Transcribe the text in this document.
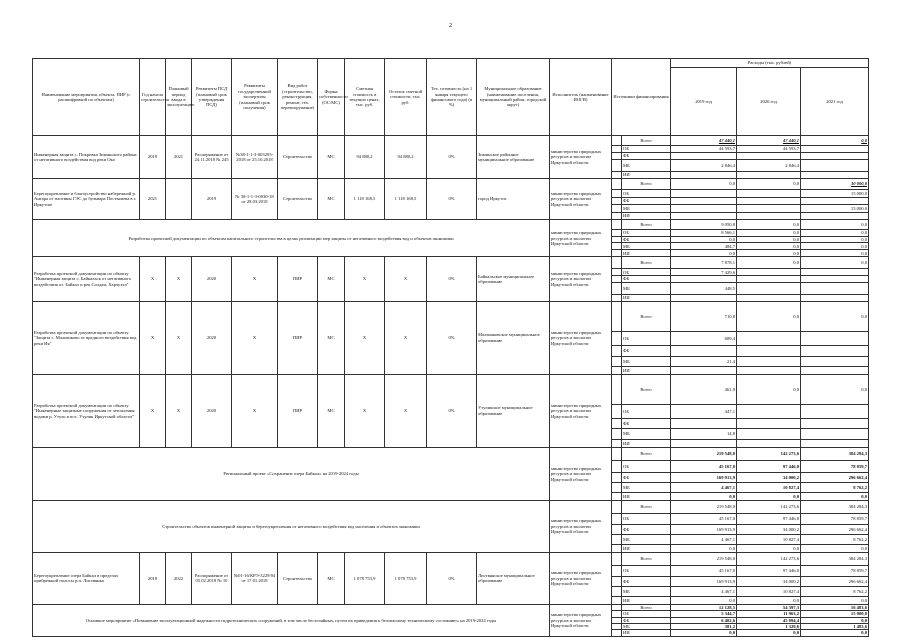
2
Наименование мероприятия, объекта, ПИР (с расшифровкой по объектам)	Год начала строительства	Плановый период ввода в эксплуатацию	Реквизиты ПСД (плановый срок утверждения ПСД)	Реквизиты государственной экспертизы (плановый срок получения)	Вид работ (строительство, реконструкция, ремонт, тех. перевооружение)	Форма собственности (ОС/МС)	Сметная стоимость в текущих ценах, тыс. руб.	Остаток сметной стоимости, тыс. руб.	Тех. готовность (на 1 января текущего финансового года) (в %)	Муниципальное образование (наименование поселения, муниципальный район, городской округ)	Исполнитель (наименование ИОГВ)	Источники финансирования		Расходы (тыс. рублей)		
														2019 год	2020 год	2021 год
Инженерная защита с. Покровка Зиминского района от негативного воздействия вод реки Ока	2019	2021	Распоряжение от 24.11.2018 № 245	№38-1-1-3-003295-2018 от 25.10.2018	Строительство	МС	94 880,2	94 880,2	0%	Зиминское районное муниципальное образование	министерство природных ресурсов и экологии Иркутской области		Всего	47 440,1	47 440,1	0,0
													ОБ	44 593,7	44 593,7	
													ФБ			
													МБ	2 846,4	2 846,4	
													ИИ			
Берегоукрепление и благоустройство набережной р. Ангара от плотины ГЭС до бульвара Постышева в г. Иркутске	2021		2019	№ 38-1-1-3-0030-18 от 28.03.2018	Строительство	МС	1 118 168,5	1 118 168,5	0%	город Иркутск	министерство природных ресурсов и экологии Иркутской области		Всего	0,0	0,0	30 000,0
													ОБ			15 000,0
													ФБ			
													МБ			15 000,0
													ИИ			
Разработка проектной документации по объектам капитального строительства в целях реализации мер защиты от негативного воздействия вод и объектов экономики											министерство природных ресурсов и экологии Иркутской области		Всего	9 050,8	0,0	0,0
													ОБ	8 566,1	0,0	0,0
													ФБ	0,0	0,0	0,0
													МБ	484,7	0,0	0,0
													ИИ	0,0	0,0	0,0
Разработка проектной документации по объекту "Инженерная защита с. Байкальск от негативного воздействия оз. Байкал и рек Солдан, Харчухта"	X	X	2020	X	ПИР	МС	X	X	0%	Байкальское муниципальное образование	министерство природных ресурсов и экологии Иркутской области		Всего	7 878,1	0,0	0,0
													ОБ	7 429,6		
													ФБ			
													МБ	448,5		
													ИИ			
Разработка проектной документации по объекту "Защита с. Мальчиково от вредного воздействия вод реки Ия"	X	X	2020	X	ПИР	МС	X	X	0%	Мальчиковское муниципальное образование	министерство природных ресурсов и экологии Иркутской области		Всего	710,8	0,0	0,0
													ОБ	689,4		
													ФБ			
													МБ	21,4		
													ИИ			
Разработка проектной документации по объекту "Инженерные защитные сооружения от затопления водами р. Утуль в пос. Утулик Иркутской области"	X	X	2020	X	ПИР	МС	X	X	0%	Утуликское муниципальное образование	министерство природных ресурсов и экологии Иркутской области		Всего	461,9	0,0	0,0
													ОБ	447,1		
													ФБ			
													МБ	14,8		
													ИИ			
Региональный проект «Сохранение озера Байкал» на 2019-2024 годы											министерство природных ресурсов и экологии Иркутской области		Всего	219 548,0	142 273,6	384 284,3
													ОБ	45 167,0	97 446,0	78 859,7
													ФБ	169 913,9	34 000,2	296 662,4
													МБ	4 467,1	10 827,4	8 762,2
													ИИ	0,0	0,0	0,0
Строительство объектов инженерной защиты и берегоукрепления от негативного воздействия вод населения и объектов экономики											министерство природных ресурсов и экологии Иркутской области		Всего	219 548,0	142 273,6	384 284,3
													ОБ	45 167,0	97 446,0	78 859,7
													ФБ	169 913,9	34 000,2	296 662,4
													МБ	4 467,1	10 827,4	8 762,2
													ИИ	0,0	0,0	0,0
Берегоукрепление озера Байкал в пределах прибрежной полосы р.п. Листвянка	2018	2022	Распоряжение от 05.02.2018 № 10	№01-16/КРЭ-3229/04 от 17.01.2018	Строительство	МС	1 078 753,9	1 078 753,9	0%	Листвянское муниципальное образование	министерство природных ресурсов и экологии Иркутской области		Всего	219 548,0	142 273,6	384 284,3
													ОБ	45 167,0	97 446,0	78 859,7
													ФБ	169 913,9	34 000,2	296 662,4
													МБ	4 467,1	10 827,4	8 762,2
													ИИ	0,0	0,0	0,0
Основное мероприятие «Повышение эксплуатационной надежности гидротехнических сооружений, в том числе бесхозяйных, путем их приведения к безопасному техническому состоянию» на 2019-2024 годы											министерство природных ресурсов и экологии Иркутской области		Всего	12 128,5	54 397,3	16 483,6
													ОБ	5 344,7	11 963,2	15 000,0
													ФБ	6 402,6	45 094,4	0,0
													МБ	381,2	1 329,6	1 483,6
													ИИ	0,0	0,0	0,0
